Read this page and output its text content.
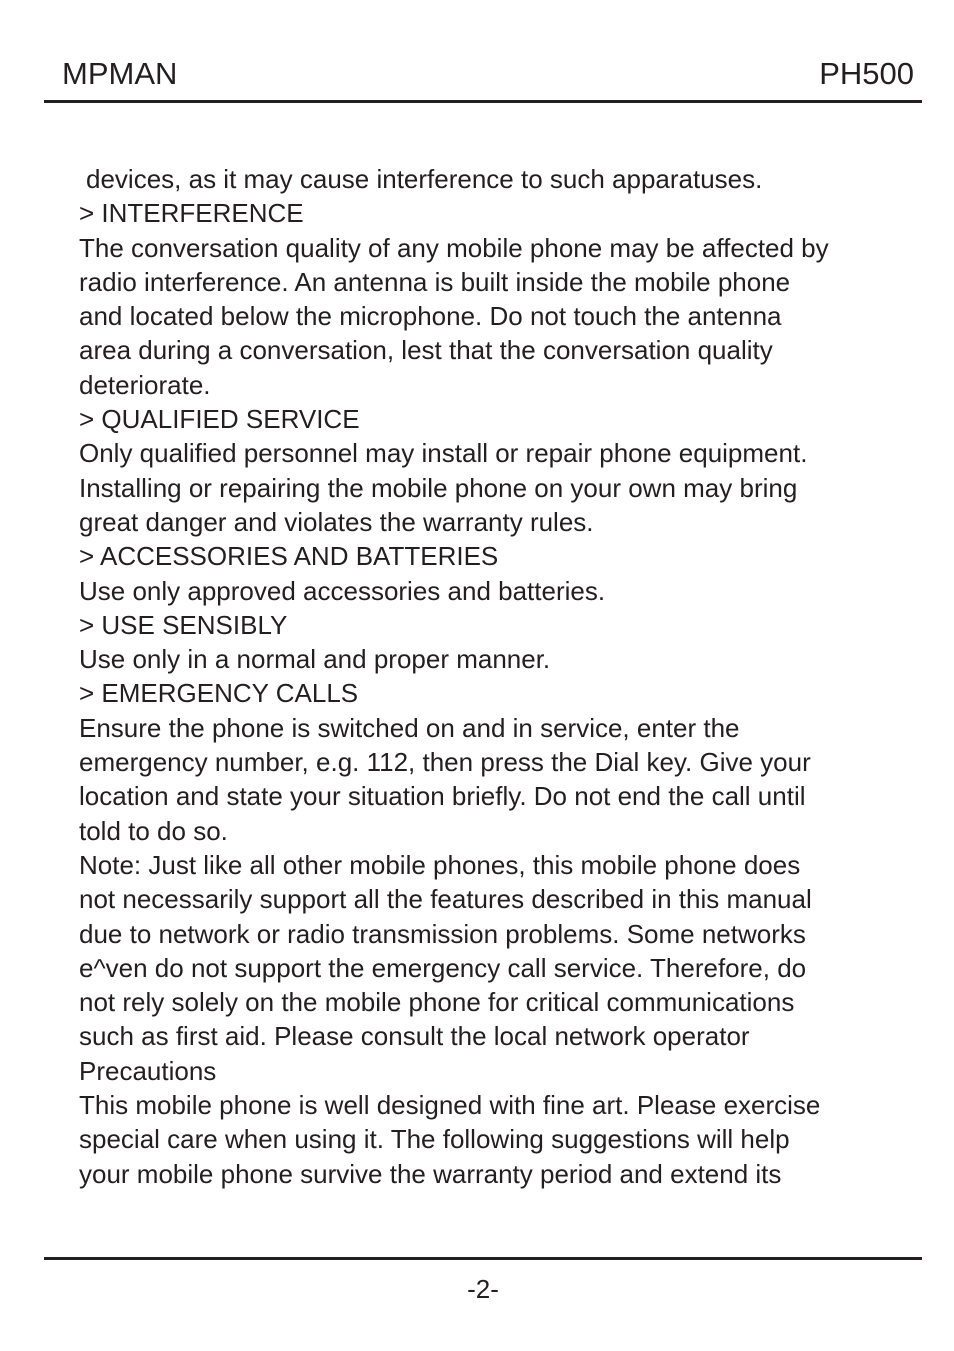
MPMAN	PH500
devices, as it may cause interference to such apparatuses.
> INTERFERENCE
The conversation quality of any mobile phone may be affected by
radio interference. An antenna is built inside the mobile phone
and located below the microphone. Do not touch the antenna
area during a conversation, lest that the conversation quality
deteriorate.
> QUALIFIED SERVICE
Only qualified personnel may install or repair phone equipment.
Installing or repairing the mobile phone on your own may bring
great danger and violates the warranty rules.
> ACCESSORIES AND BATTERIES
Use only approved accessories and batteries.
> USE SENSIBLY
Use only in a normal and proper manner.
> EMERGENCY CALLS
Ensure the phone is switched on and in service, enter the
emergency number, e.g. 112, then press the Dial key. Give your
location and state your situation briefly. Do not end the call until
told to do so.
Note: Just like all other mobile phones, this mobile phone does
not necessarily support all the features described in this manual
due to network or radio transmission problems. Some networks
e^ven do not support the emergency call service. Therefore, do
not rely solely on the mobile phone for critical communications
such as first aid. Please consult the local network operator
Precautions
This mobile phone is well designed with fine art. Please exercise
special care when using it. The following suggestions will help
your mobile phone survive the warranty period and extend its
-2-
